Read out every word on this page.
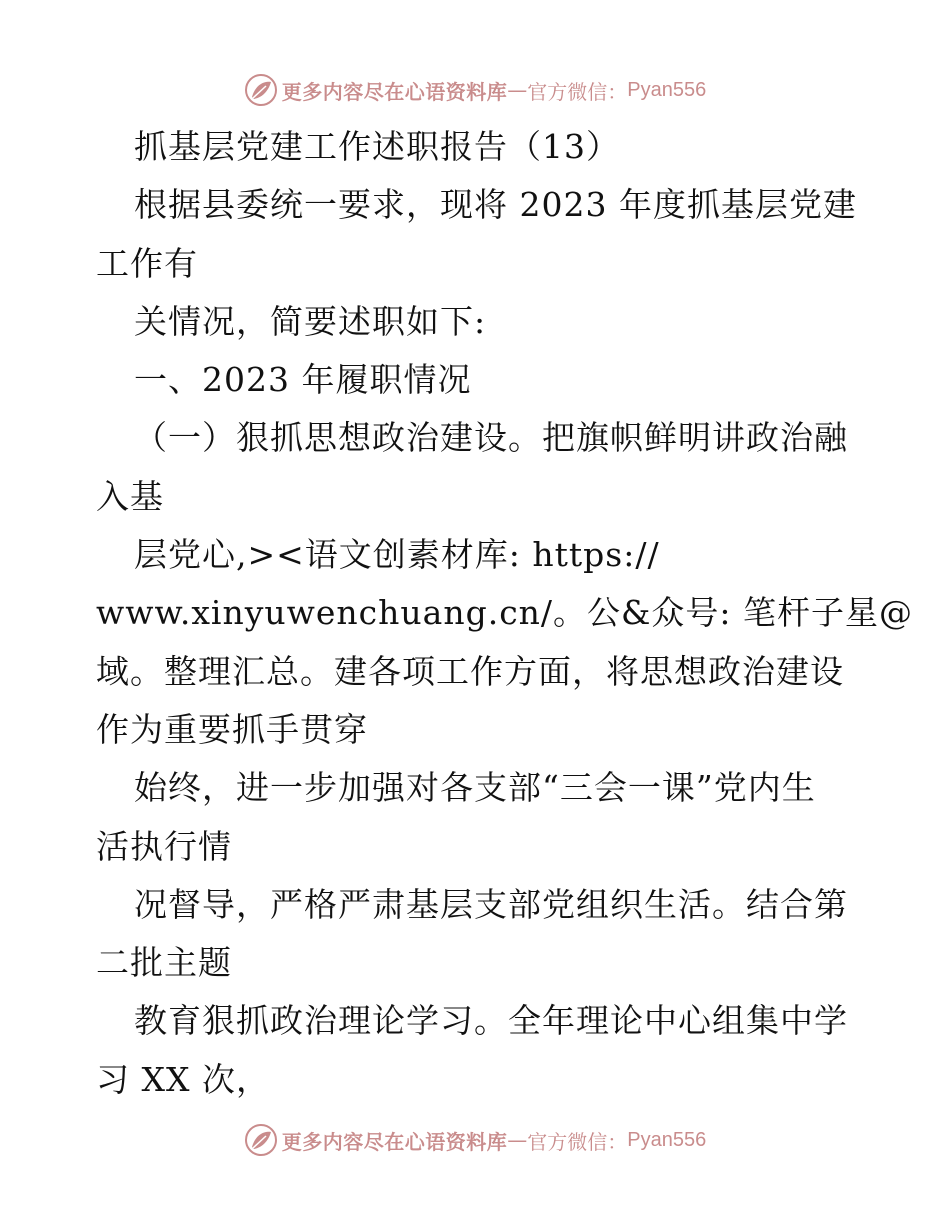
更多内容尽在心语资料库 — 官方微信： Pyan556
抓基层党建工作述职报告（13）
根据县委统一要求，现将 2023 年度抓基层党建
工作有
关情况，简要述职如下:
一、2023 年履职情况
（一）狠抓思想政治建设。把旗帜鲜明讲政治融
入基
层党心,><语文创素材库: https://
www.xinyuwenchuang.cn/。公&众号: 笔杆子星@
域。整理汇总。建各项工作方面，将思想政治建设
作为重要抓手贯穿
始终，进一步加强对各支部“三会一课”党内生
活执行情
况督导，严格严肃基层支部党组织生活。结合第
二批主题
教育狠抓政治理论学习。全年理论中心组集中学
习 XX 次，
更多内容尽在心语资料库 — 官方微信： Pyan556
